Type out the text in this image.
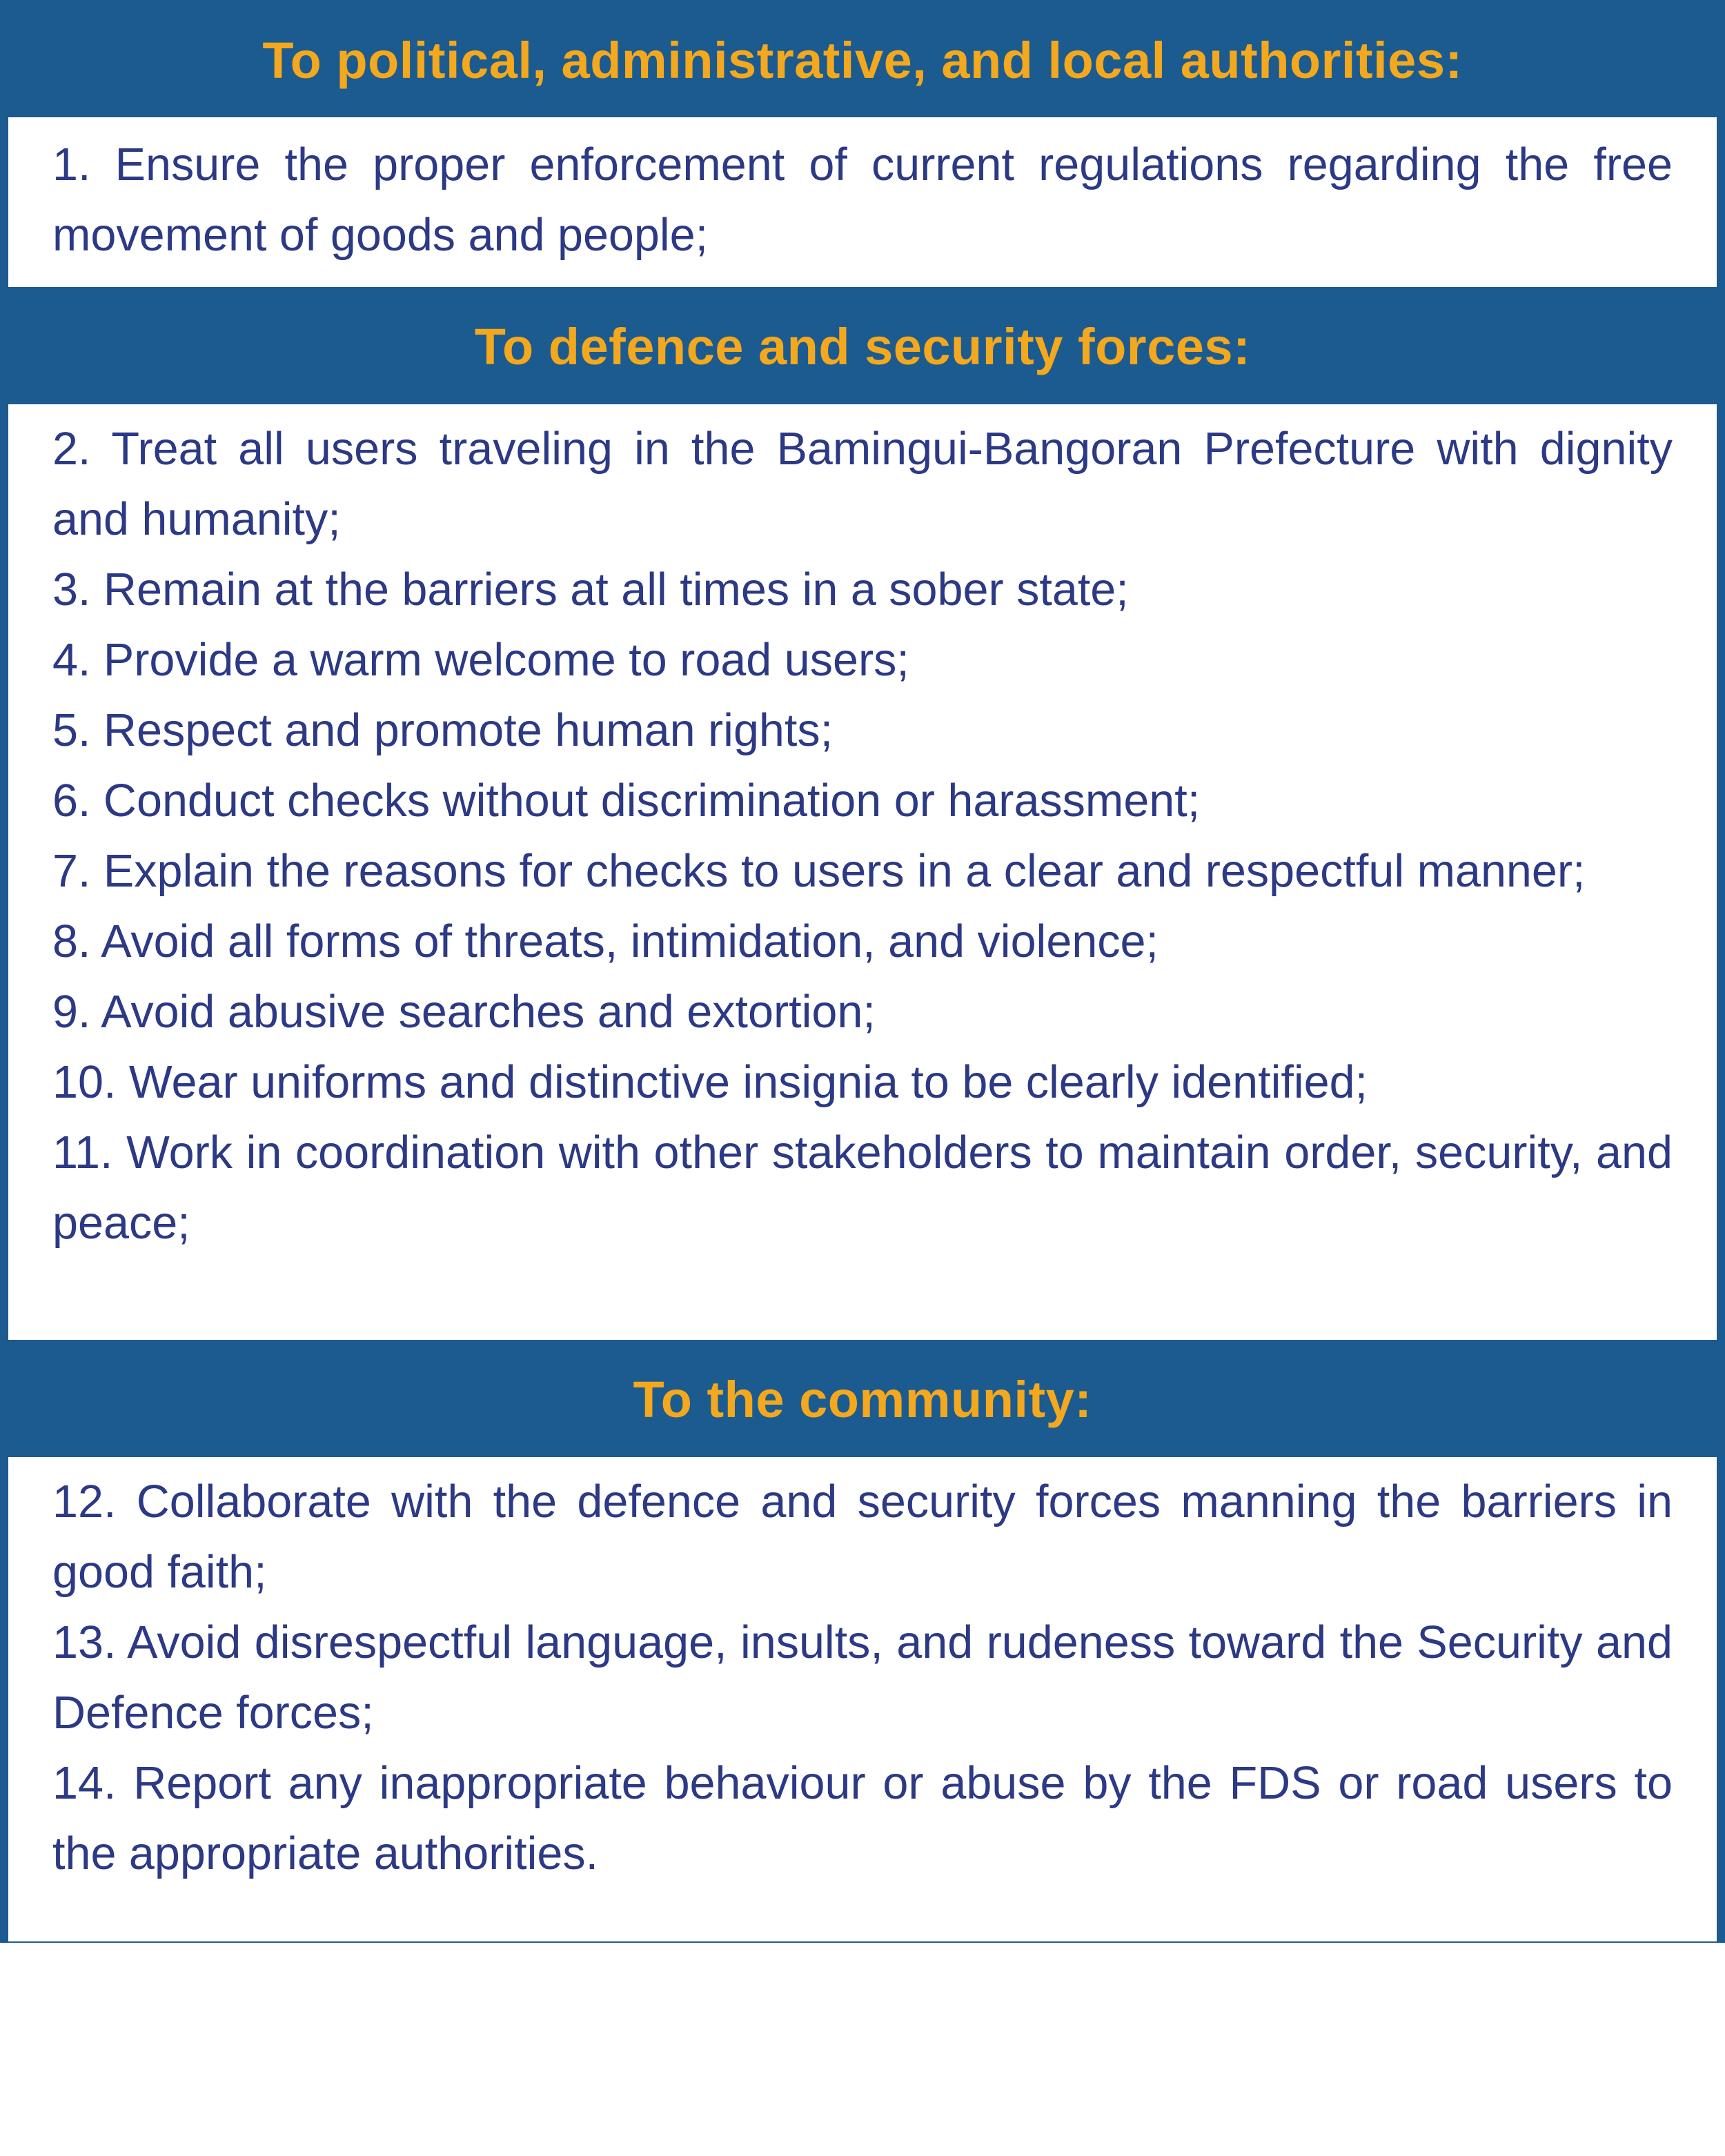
To political, administrative, and local authorities:

1. Ensure the proper enforcement of current regulations regarding the free movement of goods and people;

To defence and security forces:

2. Treat all users traveling in the Bamingui-Bangoran Prefecture with dignity and humanity;

3. Remain at the barriers at all times in a sober state;

4. Provide a warm welcome to road users;

5. Respect and promote human rights;

6. Conduct checks without discrimination or harassment;

7. Explain the reasons for checks to users in a clear and respectful manner;

8. Avoid all forms of threats, intimidation, and violence;

9. Avoid abusive searches and extortion;

10. Wear uniforms and distinctive insignia to be clearly identified;

11. Work in coordination with other stakeholders to maintain order, security, and peace;

To the community:

12. Collaborate with the defence and security forces manning the barriers in good faith;

13. Avoid disrespectful language, insults, and rudeness toward the Security and Defence forces;

14. Report any inappropriate behaviour or abuse by the FDS or road users to the appropriate authorities.
